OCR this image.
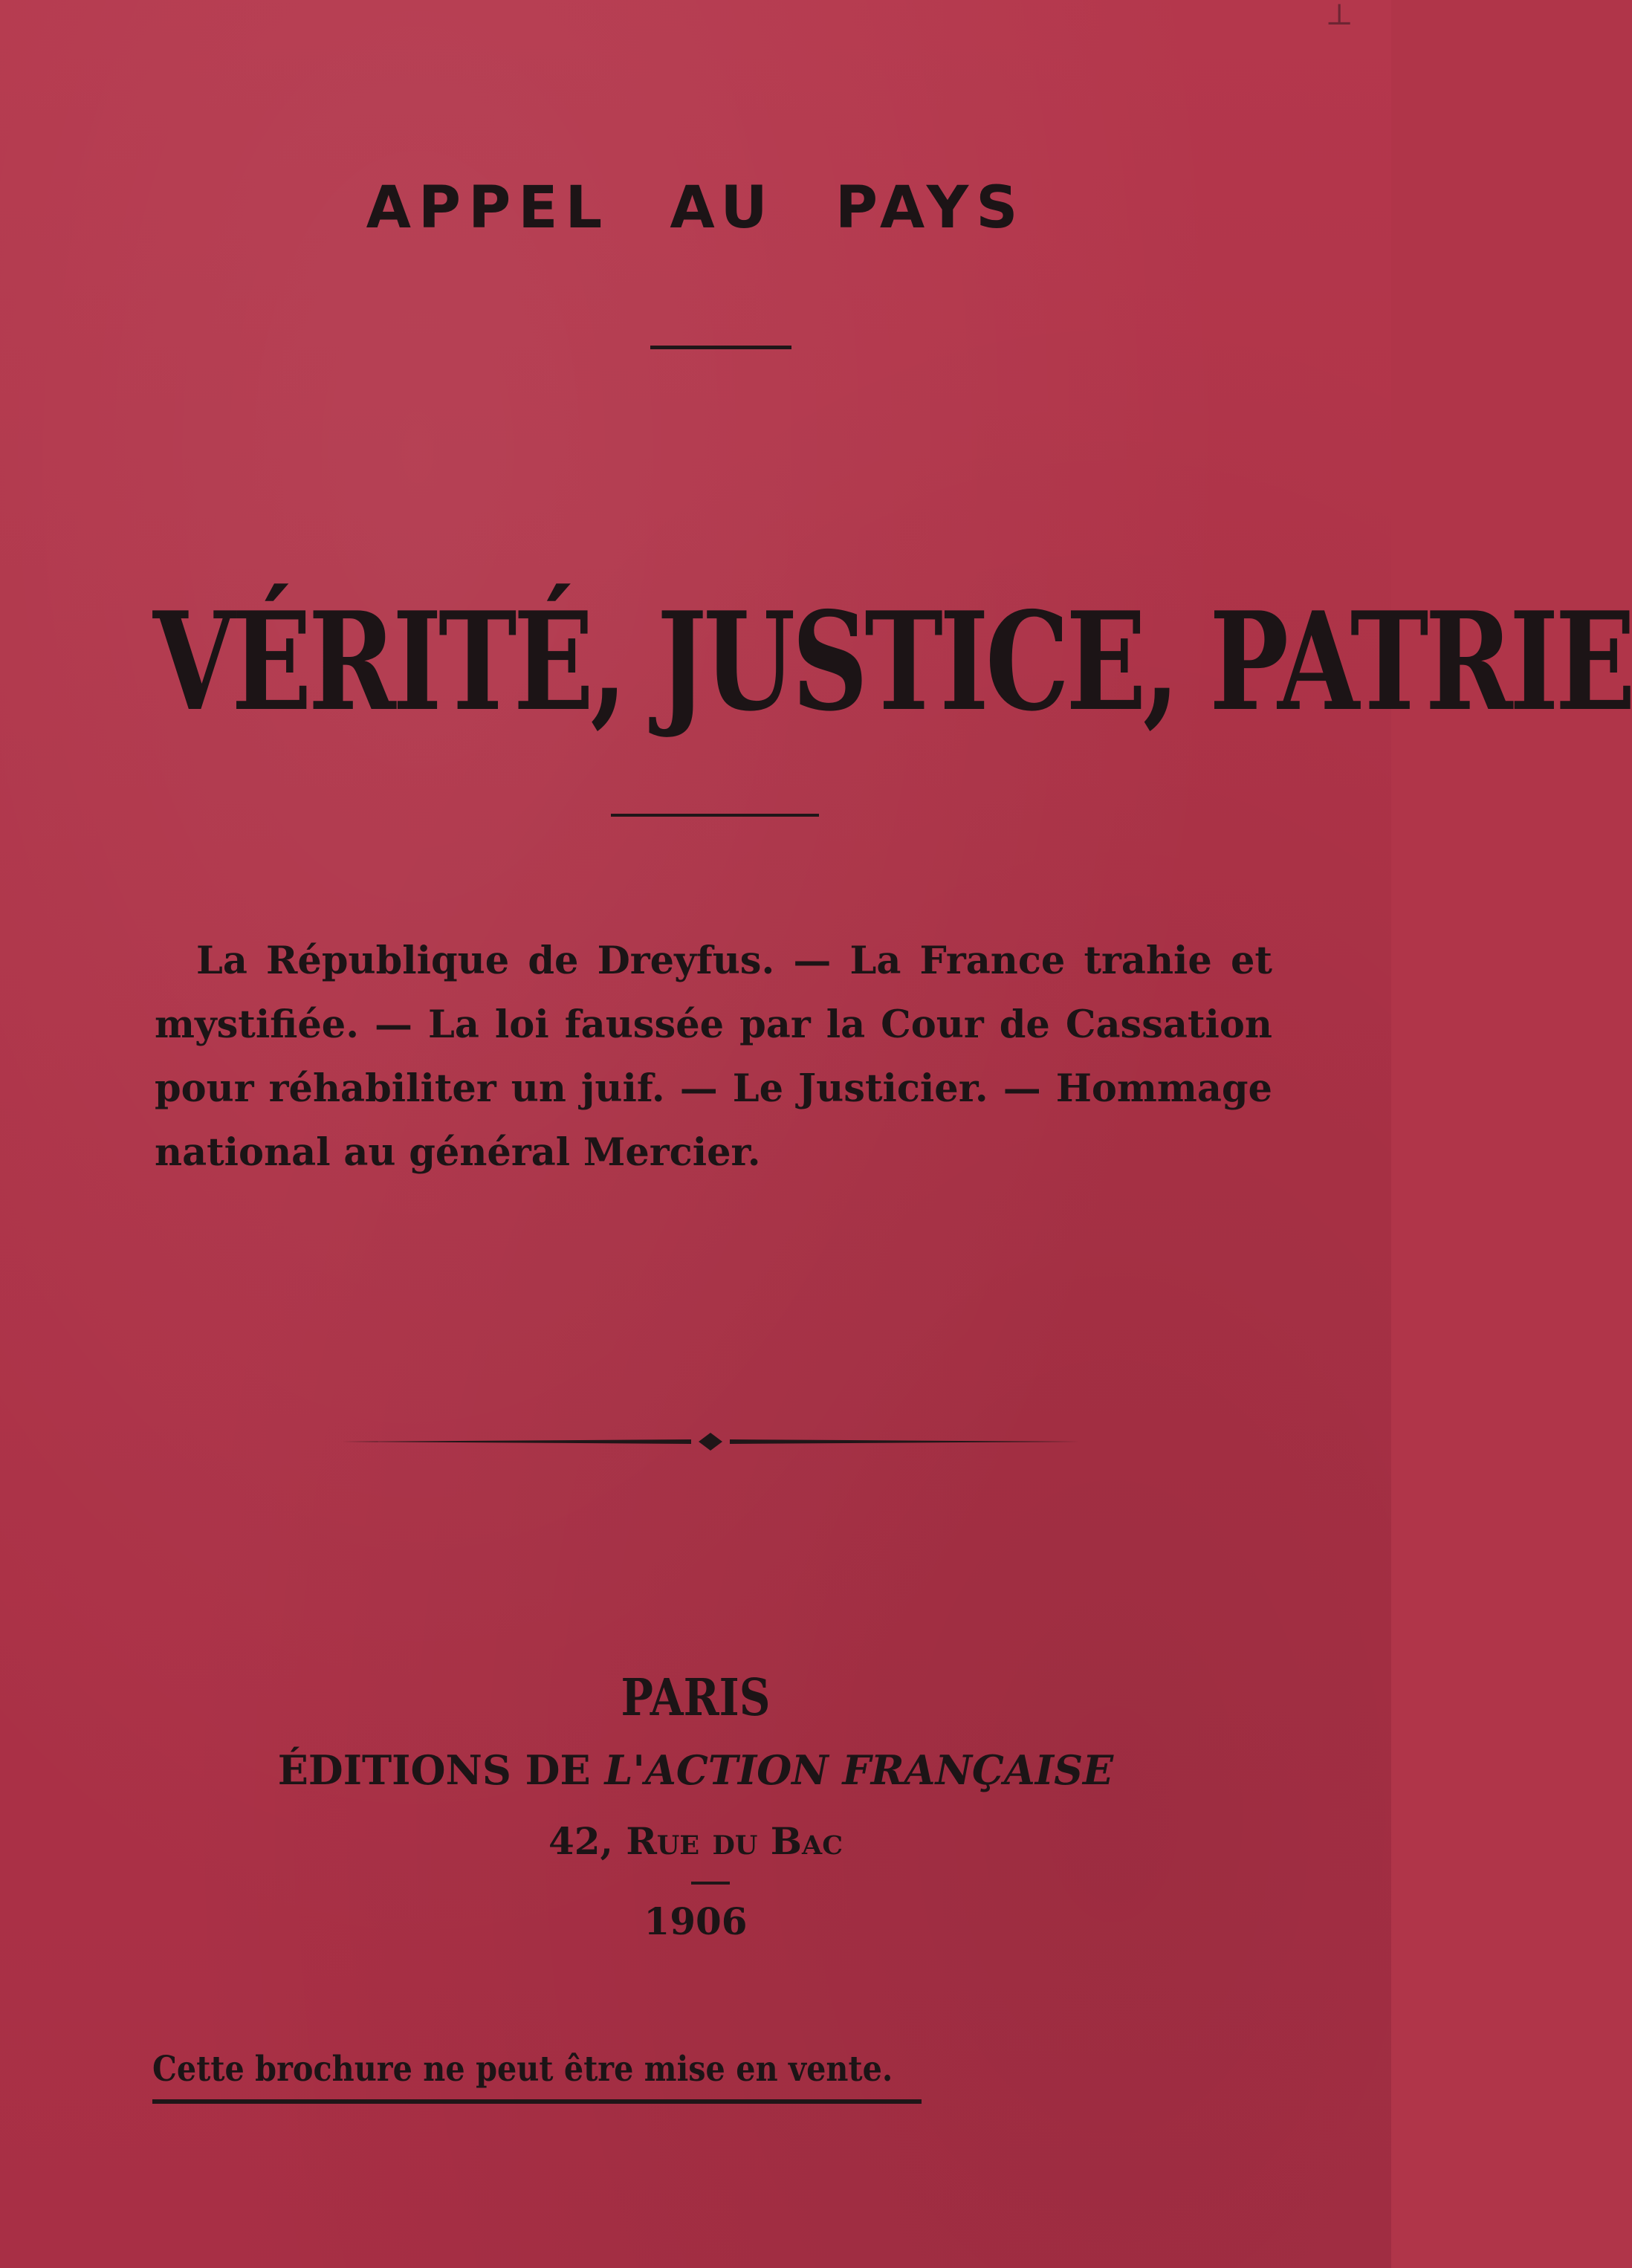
⊥
APPEL AU PAYS
VÉRITÉ, JUSTICE, PATRIE
La République de Dreyfus. — La France trahie et mystifiée. — La loi faussée par la Cour de Cassation pour réhabiliter un juif. — Le Justicier. — Hommage national au général Mercier.
PARIS
ÉDITIONS DE L'ACTION FRANÇAISE
42, Rue du Bac
1906
Cette brochure ne peut être mise en vente.
